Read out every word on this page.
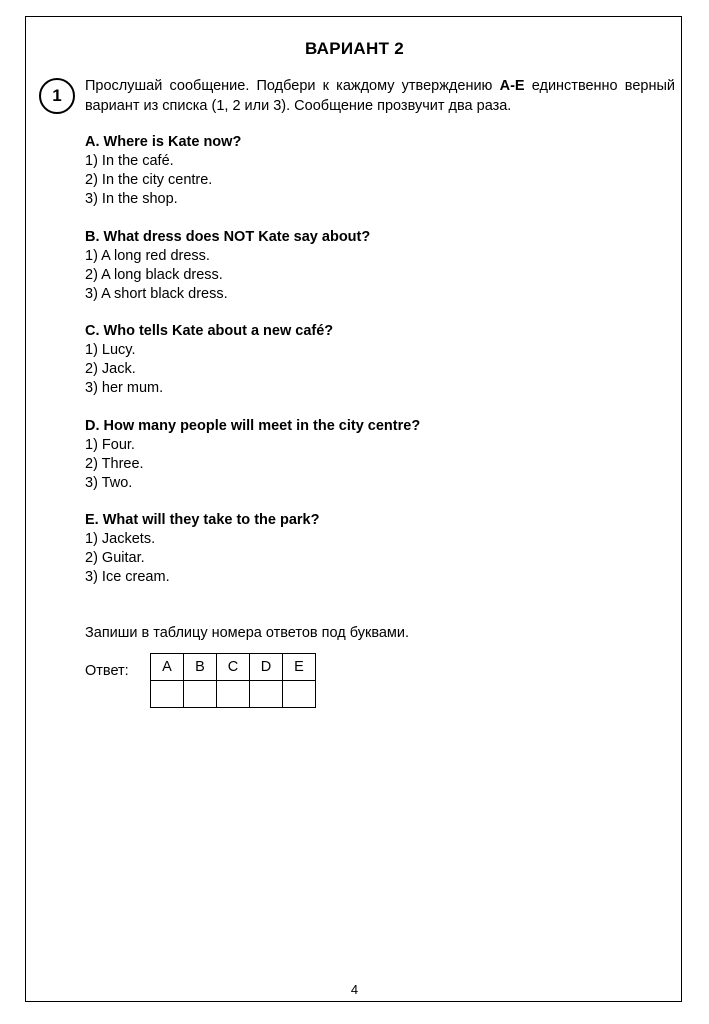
ВАРИАНТ 2
1	Прослушай сообщение. Подбери к каждому утверждению A-E единственно верный вариант из списка (1, 2 или 3). Сообщение прозвучит два раза.
A. Where is Kate now?
1) In the café.
2) In the city centre.
3) In the shop.
B. What dress does NOT Kate say about?
1) A long red dress.
2) A long black dress.
3) A short black dress.
C. Who tells Kate about a new café?
1) Lucy.
2) Jack.
3) her mum.
D. How many people will meet in the city centre?
1) Four.
2) Three.
3) Two.
E. What will they take to the park?
1) Jackets.
2) Guitar.
3) Ice cream.
Запиши в таблицу номера ответов под буквами.
Ответ: A	B	C	D	E

4
